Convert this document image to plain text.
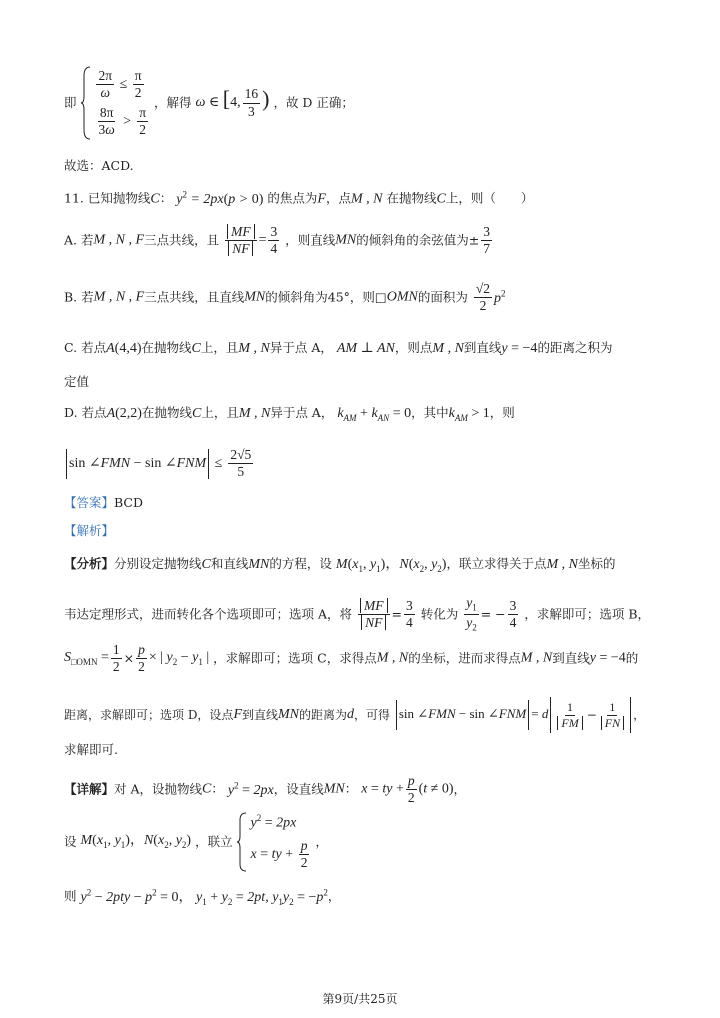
即
$\frac{2\pi}{\omega} \le \frac{\pi}{2}$
$\frac{8\pi}{3\omega} > \frac{\pi}{2}$
，解得 ω ∈ [4, $\frac{16}{3}$ ) ，故 D 正确；
故选：ACD.
11. 已知抛物线C： $y^2 = 2px(p > 0)$ 的焦点为F，点M , N 在抛物线C上，则（　　）
A. 若M , N , F三点共线，且 $\frac{MF}{NF} = \frac{3}{4}$ ，则直线MN的倾斜角的余弦值为± $\frac{3}{7}$
B. 若M , N , F三点共线，且直线MN的倾斜角为45°，则□OMN的面积为 $\frac{√2}{2} p^2$
C. 若点A(4,4)在抛物线C上，且M , N异于点 A， AM ⊥ AN，则点M , N到直线y = −4的距离之积为
定值
D. 若点A(2,2)在抛物线C上，且M , N异于点 A， $k_{AM} + k_{AN} = 0$，其中$k_{AM} > 1$，则
sin ∠FMN − sin ∠FNM ≤ $\frac{2√5}{5}$
【答案】BCD
【解析】
【分析】分别设定抛物线C和直线MN的方程，设 $M(x_1$, $y_1$)，$N(x_2$, $y_2$)，联立求得关于点M , N坐标的
韦达定理形式，进而转化各个选项即可；选项 A，将 $\frac{MF}{NF} = \frac{3}{4}$ 转化为 $\frac{y_1}{y_2}$ = − $\frac{3}{4}$ ，求解即可；选项 B，
$S_{□OMN} = \frac{1}{2} \times \frac{p}{2}$ × | $y_2 - y_1$ | ，求解即可；选项 C，求得点M , N的坐标，进而求得点M , N到直线y = −4的
距离，求解即可；选项 D，设点F到直线MN的距离为d，可得 sin ∠FMN − sin ∠FNM = d $\frac{1}{FM} - \frac{1}{FN}$ ，
求解即可.
【详解】对 A，设抛物线C： $y^2 = 2px$，设直线MN： x = ty + $\frac{p}{2} (t \ne 0)$，
设 $M(x_1$, $y_1$)，$N(x_2$, $y_2$) ，联立
$y^2 = 2px$
x = ty + $\frac{p}{2}$ ，
则 $y^2 - 2pty - p^2 = 0$， $y_1 + y_2 = 2pt$, $y_1y_2 = -p^2$，
第9页/共25页
